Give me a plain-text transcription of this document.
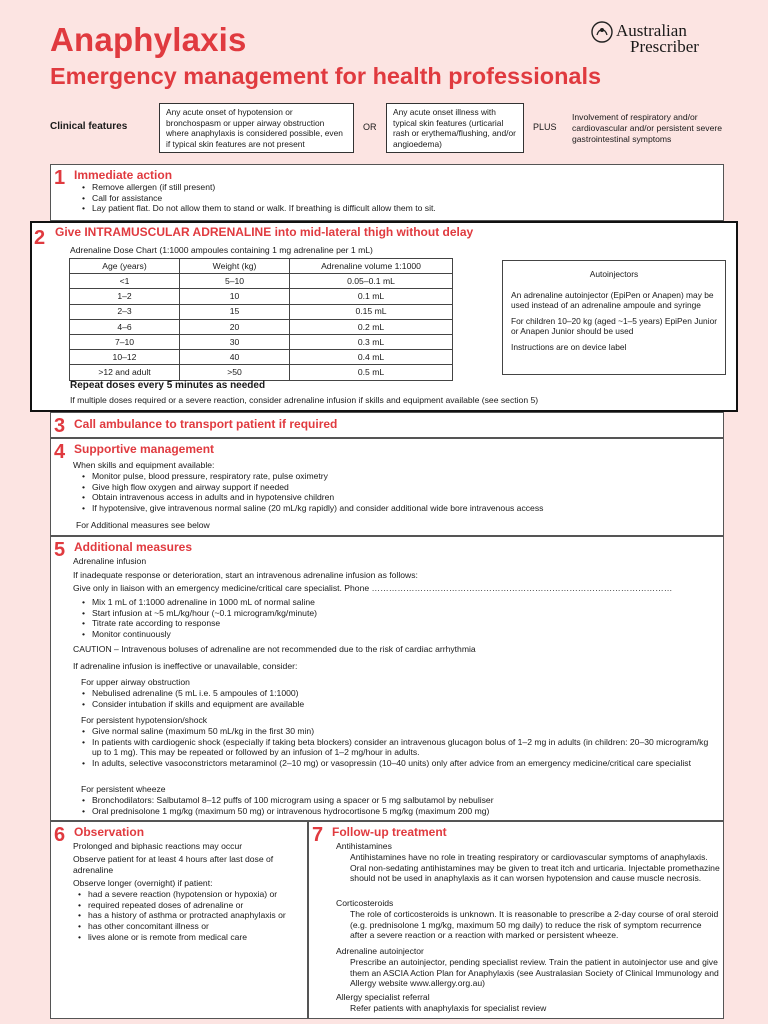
Anaphylaxis
Emergency management for health professionals
Australian
Prescriber
Clinical features
Any acute onset of hypotension or bronchospasm or upper airway obstruction where anaphylaxis is considered possible, even if typical skin features are not present
OR
Any acute onset illness with typical skin features (urticarial rash or erythema/flushing, and/or angioedema)
PLUS
Involvement of respiratory and/or cardiovascular and/or persistent severe gastrointestinal symptoms
1 Immediate action
• Remove allergen (if still present)
• Call for assistance
• Lay patient flat. Do not allow them to stand or walk. If breathing is difficult allow them to sit.
2 Give INTRAMUSCULAR ADRENALINE into mid-lateral thigh without delay
Adrenaline Dose Chart (1:1000 ampoules containing 1 mg adrenaline per 1 mL)
Age (years)	Weight (kg)	Adrenaline volume 1:1000
<1	5–10	0.05–0.1 mL
1–2	10	0.1 mL
2–3	15	0.15 mL
4–6	20	0.2 mL
7–10	30	0.3 mL
10–12	40	0.4 mL
>12 and adult	>50	0.5 mL
Repeat doses every 5 minutes as needed
If multiple doses required or a severe reaction, consider adrenaline infusion if skills and equipment available (see section 5)

Autoinjectors

An adrenaline autoinjector (EpiPen or Anapen) may be used instead of an adrenaline ampoule and syringe

For children 10–20 kg (aged ~1–5 years) EpiPen Junior or Anapen Junior should be used

Instructions are on device label

3 Call ambulance to transport patient if required
4 Supportive management
When skills and equipment available:
• Monitor pulse, blood pressure, respiratory rate, pulse oximetry
• Give high flow oxygen and airway support if needed
• Obtain intravenous access in adults and in hypotensive children
• If hypotensive, give intravenous normal saline (20 mL/kg rapidly) and consider additional wide bore intravenous access
For Additional measures see below
5 Additional measures
Adrenaline infusion
If inadequate response or deterioration, start an intravenous adrenaline infusion as follows:
Give only in liaison with an emergency medicine/critical care specialist. Phone ……………………………………………………………………………………………
• Mix 1 mL of 1:1000 adrenaline in 1000 mL of normal saline
• Start infusion at ~5 mL/kg/hour (~0.1 microgram/kg/minute)
• Titrate rate according to response
• Monitor continuously
CAUTION – Intravenous boluses of adrenaline are not recommended due to the risk of cardiac arrhythmia
If adrenaline infusion is ineffective or unavailable, consider:
For upper airway obstruction
• Nebulised adrenaline (5 mL i.e. 5 ampoules of 1:1000)
• Consider intubation if skills and equipment are available
For persistent hypotension/shock
• Give normal saline (maximum 50 mL/kg in the first 30 min)
• In patients with cardiogenic shock (especially if taking beta blockers) consider an intravenous glucagon bolus of 1–2 mg in adults (in children: 20–30 microgram/kg up to 1 mg). This may be repeated or followed by an infusion of 1–2 mg/hour in adults.
• In adults, selective vasoconstrictors metaraminol (2–10 mg) or vasopressin (10–40 units) only after advice from an emergency medicine/critical care specialist
For persistent wheeze
• Bronchodilators: Salbutamol 8–12 puffs of 100 microgram using a spacer or 5 mg salbutamol by nebuliser
• Oral prednisolone 1 mg/kg (maximum 50 mg) or intravenous hydrocortisone 5 mg/kg (maximum 200 mg)
6 Observation
Prolonged and biphasic reactions may occur
Observe patient for at least 4 hours after last dose of adrenaline
Observe longer (overnight) if patient:
• had a severe reaction (hypotension or hypoxia) or
• required repeated doses of adrenaline or
• has a history of asthma or protracted anaphylaxis or
• has other concomitant illness or
• lives alone or is remote from medical care
7 Follow-up treatment
Antihistamines
Antihistamines have no role in treating respiratory or cardiovascular symptoms of anaphylaxis. Oral non-sedating antihistamines may be given to treat itch and urticaria. Injectable promethazine should not be used in anaphylaxis as it can worsen hypotension and cause muscle necrosis.
Corticosteroids
The role of corticosteroids is unknown. It is reasonable to prescribe a 2-day course of oral steroid (e.g. prednisolone 1 mg/kg, maximum 50 mg daily) to reduce the risk of symptom recurrence after a severe reaction or a reaction with marked or persistent wheeze.
Adrenaline autoinjector
Prescribe an autoinjector, pending specialist review. Train the patient in autoinjector use and give them an ASCIA Action Plan for Anaphylaxis (see Australasian Society of Clinical Immunology and Allergy website www.allergy.org.au)
Allergy specialist referral
Refer patients with anaphylaxis for specialist review
